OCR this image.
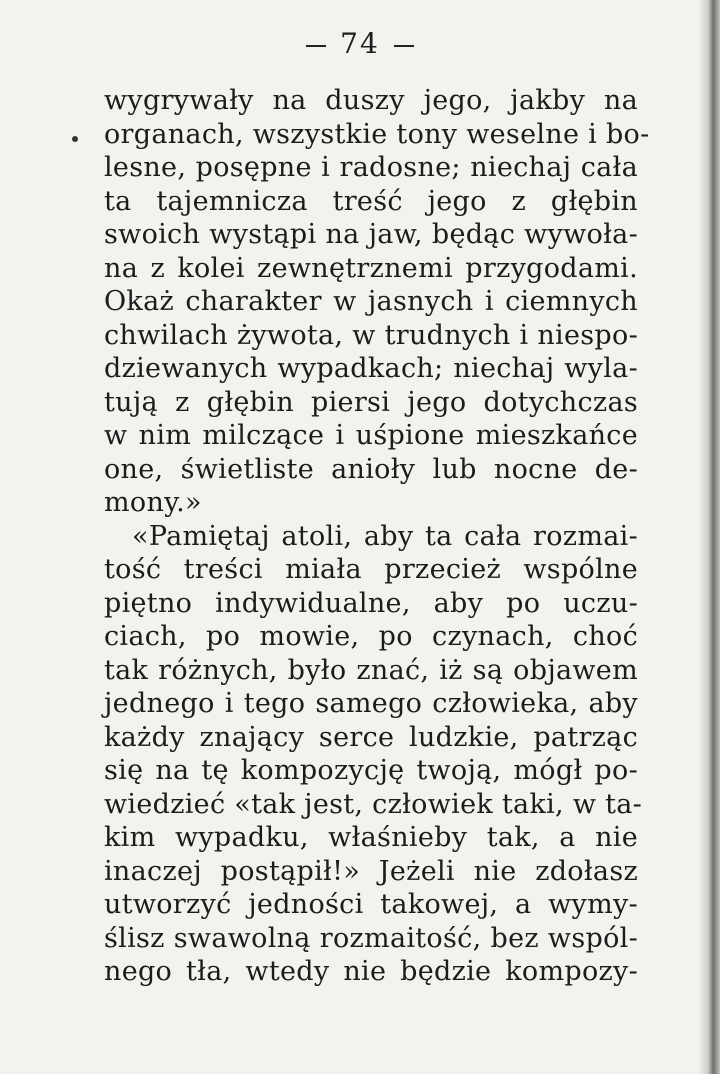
74
wygrywały na duszy jego, jakby na
organach, wszystkie tony weselne i bo-
lesne, posępne i radosne; niechaj cała
ta tajemnicza treść jego z głębin
swoich wystąpi na jaw, będąc wywoła-
na z kolei zewnętrznemi przygodami.
Okaż charakter w jasnych i ciemnych
chwilach żywota, w trudnych i niespo-
dziewanych wypadkach; niechaj wyla-
tują z głębin piersi jego dotychczas
w nim milczące i uśpione mieszkańce
one, świetliste anioły lub nocne de-
mony.»
«Pamiętaj atoli, aby ta cała rozmai-
tość treści miała przecież wspólne
piętno indywidualne, aby po uczu-
ciach, po mowie, po czynach, choć
tak różnych, było znać, iż są objawem
jednego i tego samego człowieka, aby
każdy znający serce ludzkie, patrząc
się na tę kompozycję twoją, mógł po-
wiedzieć «tak jest, człowiek taki, w ta-
kim wypadku, właśnieby tak, a nie
inaczej postąpił!» Jeżeli nie zdołasz
utworzyć jedności takowej, a wymy-
ślisz swawolną rozmaitość, bez wspól-
nego tła, wtedy nie będzie kompozy-
